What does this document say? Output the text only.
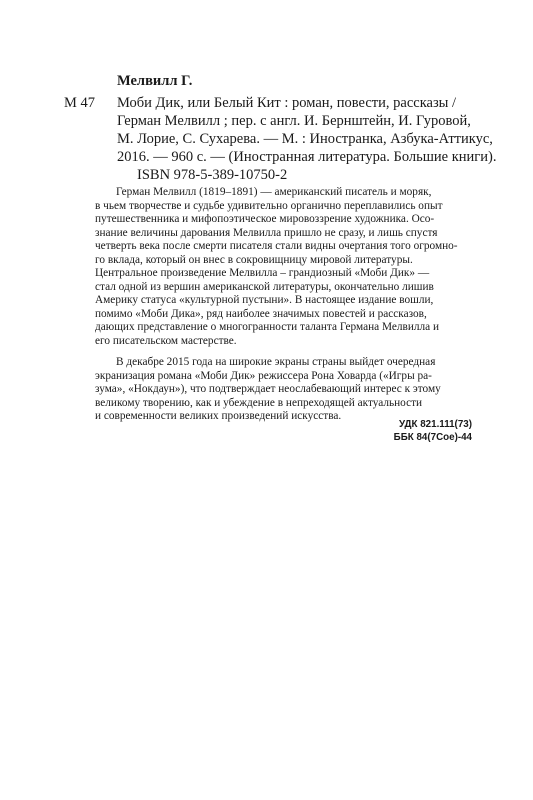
Мелвилл Г.
М 47 Моби Дик, или Белый Кит : роман, повести, рассказы /
Герман Мелвилл ; пер. с англ. И. Бернштейн, И. Гуровой,
М. Лорие, С. Сухарева. — М. : Иностранка, Азбука-Аттикус,
2016. — 960 с. — (Иностранная литература. Большие книги).
ISBN 978-5-389-10750-2
Герман Мелвилл (1819–1891) — американский писатель и моряк,
в чьем творчестве и судьбе удивительно органично переплавились опыт
путешественника и мифопоэтическое мировоззрение художника. Осо-
знание величины дарования Мелвилла пришло не сразу, и лишь спустя
четверть века после смерти писателя стали видны очертания того огромно-
го вклада, который он внес в сокровищницу мировой литературы.
Центральное произведение Мелвилла – грандиозный «Моби Дик» —
стал одной из вершин американской литературы, окончательно лишив
Америку статуса «культурной пустыни». В настоящее издание вошли,
помимо «Моби Дика», ряд наиболее значимых повестей и рассказов,
дающих представление о многогранности таланта Германа Мелвилла и
его писательском мастерстве.
В декабре 2015 года на широкие экраны страны выйдет очередная
экранизация романа «Моби Дик» режиссера Рона Ховарда («Игры ра-
зума», «Нокдаун»), что подтверждает неослабевающий интерес к этому
великому творению, как и убеждение в непреходящей актуальности
и современности великих произведений искусства.
УДК 821.111(73)
ББК 84(7Сое)-44
